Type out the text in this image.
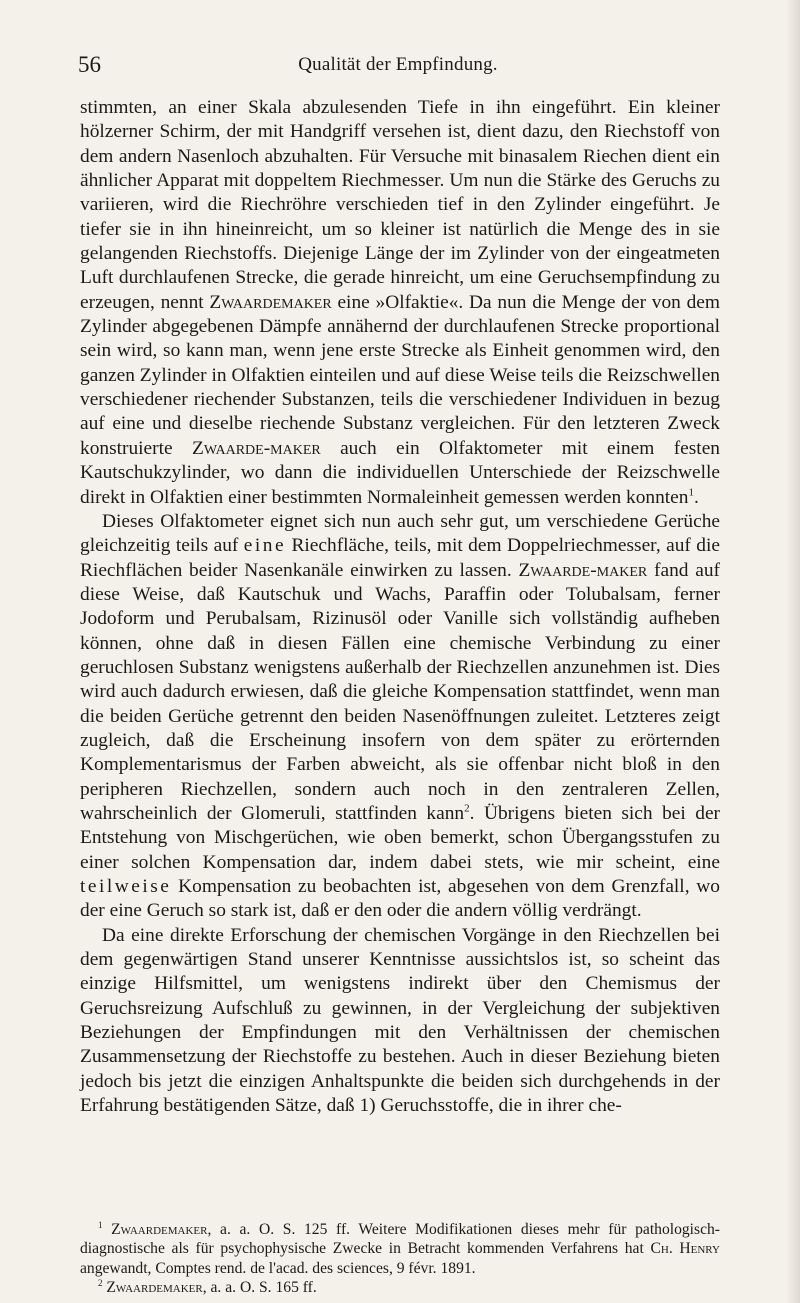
56	Qualität der Empfindung.

stimmten, an einer Skala abzulesenden Tiefe in ihn eingeführt. Ein kleiner hölzerner Schirm, der mit Handgriff versehen ist, dient dazu, den Riechstoff von dem andern Nasenloch abzuhalten. Für Versuche mit binasalem Riechen dient ein ähnlicher Apparat mit doppeltem Riechmesser. Um nun die Stärke des Geruchs zu variieren, wird die Riechröhre verschieden tief in den Zylinder eingeführt. Je tiefer sie in ihn hineinreicht, um so kleiner ist natürlich die Menge des in sie gelangenden Riechstoffs. Diejenige Länge der im Zylinder von der eingeatmeten Luft durchlaufenen Strecke, die gerade hinreicht, um eine Geruchsempfindung zu erzeugen, nennt Zwaardemaker eine »Olfaktie«. Da nun die Menge der von dem Zylinder abgegebenen Dämpfe annähernd der durchlaufenen Strecke proportional sein wird, so kann man, wenn jene erste Strecke als Einheit genommen wird, den ganzen Zylinder in Olfaktien einteilen und auf diese Weise teils die Reizschwellen verschiedener riechender Substanzen, teils die verschiedener Individuen in bezug auf eine und dieselbe riechende Substanz vergleichen. Für den letzteren Zweck konstruierte Zwaarde-maker auch ein Olfaktometer mit einem festen Kautschukzylinder, wo dann die individuellen Unterschiede der Reizschwelle direkt in Olfaktien einer bestimmten Normaleinheit gemessen werden konnten$^1$.

Dieses Olfaktometer eignet sich nun auch sehr gut, um verschiedene Gerüche gleichzeitig teils auf eine Riechfläche, teils, mit dem Doppelriechmesser, auf die Riechflächen beider Nasenkanäle einwirken zu lassen. Zwaarde-maker fand auf diese Weise, daß Kautschuk und Wachs, Paraffin oder Tolubalsam, ferner Jodoform und Perubalsam, Rizinusöl oder Vanille sich vollständig aufheben können, ohne daß in diesen Fällen eine chemische Verbindung zu einer geruchlosen Substanz wenigstens außerhalb der Riechzellen anzunehmen ist. Dies wird auch dadurch erwiesen, daß die gleiche Kompensation stattfindet, wenn man die beiden Gerüche getrennt den beiden Nasenöffnungen zuleitet. Letzteres zeigt zugleich, daß die Erscheinung insofern von dem später zu erörternden Komplementarismus der Farben abweicht, als sie offenbar nicht bloß in den peripheren Riechzellen, sondern auch noch in den zentraleren Zellen, wahrscheinlich der Glomeruli, stattfinden kann$^2$. Übrigens bieten sich bei der Entstehung von Mischgerüchen, wie oben bemerkt, schon Übergangsstufen zu einer solchen Kompensation dar, indem dabei stets, wie mir scheint, eine teilweise Kompensation zu beobachten ist, abgesehen von dem Grenzfall, wo der eine Geruch so stark ist, daß er den oder die andern völlig verdrängt.

Da eine direkte Erforschung der chemischen Vorgänge in den Riechzellen bei dem gegenwärtigen Stand unserer Kenntnisse aussichtslos ist, so scheint das einzige Hilfsmittel, um wenigstens indirekt über den Chemismus der Geruchsreizung Aufschluß zu gewinnen, in der Vergleichung der subjektiven Beziehungen der Empfindungen mit den Verhältnissen der chemischen Zusammensetzung der Riechstoffe zu bestehen. Auch in dieser Beziehung bieten jedoch bis jetzt die einzigen Anhaltspunkte die beiden sich durchgehends in der Erfahrung bestätigenden Sätze, daß 1) Geruchsstoffe, die in ihrer che-

$^1$ Zwaardemaker, a. a. O. S. 125 ff. Weitere Modifikationen dieses mehr für pathologisch-diagnostische als für psychophysische Zwecke in Betracht kommenden Verfahrens hat Ch. Henry angewandt, Comptes rend. de l'acad. des sciences, 9 févr. 1891.

$^2$ Zwaardemaker, a. a. O. S. 165 ff.
